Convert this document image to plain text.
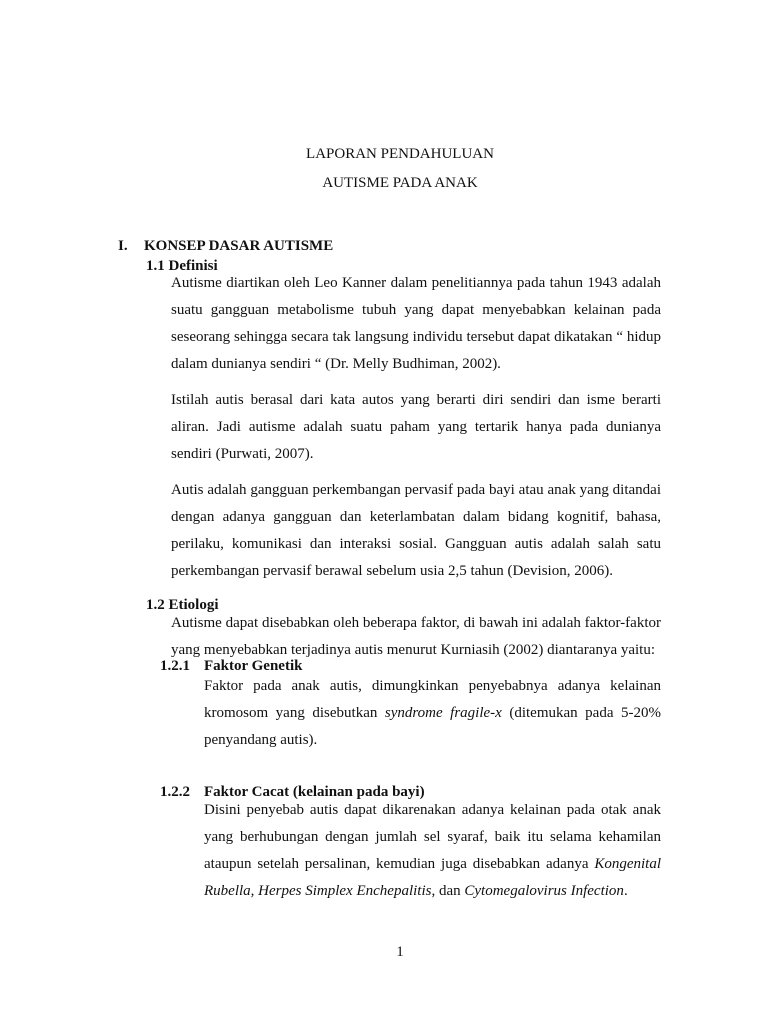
LAPORAN PENDAHULUAN
AUTISME PADA ANAK
I. KONSEP DASAR AUTISME
1.1 Definisi

Autisme diartikan oleh Leo Kanner dalam penelitiannya pada tahun 1943 adalah suatu gangguan metabolisme tubuh yang dapat menyebabkan kelainan pada seseorang sehingga secara tak langsung individu tersebut dapat dikatakan “ hidup dalam dunianya sendiri “ (Dr. Melly Budhiman, 2002).

Istilah autis berasal dari kata autos yang berarti diri sendiri dan isme berarti aliran. Jadi autisme adalah suatu paham yang tertarik hanya pada dunianya sendiri (Purwati, 2007).

Autis adalah gangguan perkembangan pervasif pada bayi atau anak yang ditandai dengan adanya gangguan dan keterlambatan dalam bidang kognitif, bahasa, perilaku, komunikasi dan interaksi sosial. Gangguan autis adalah salah satu perkembangan pervasif berawal sebelum usia 2,5 tahun (Devision, 2006).

1.2 Etiologi

Autisme dapat disebabkan oleh beberapa faktor, di bawah ini adalah faktor-faktor yang menyebabkan terjadinya autis menurut Kurniasih (2002) diantaranya yaitu:

1.2.1 Faktor Genetik

Faktor pada anak autis, dimungkinkan penyebabnya adanya kelainan kromosom yang disebutkan syndrome fragile-x (ditemukan pada 5-20% penyandang autis).

1.2.2 Faktor Cacat (kelainan pada bayi)

Disini penyebab autis dapat dikarenakan adanya kelainan pada otak anak yang berhubungan dengan jumlah sel syaraf, baik itu selama kehamilan ataupun setelah persalinan, kemudian juga disebabkan adanya Kongenital Rubella, Herpes Simplex Enchepalitis, dan Cytomegalovirus Infection.

1
